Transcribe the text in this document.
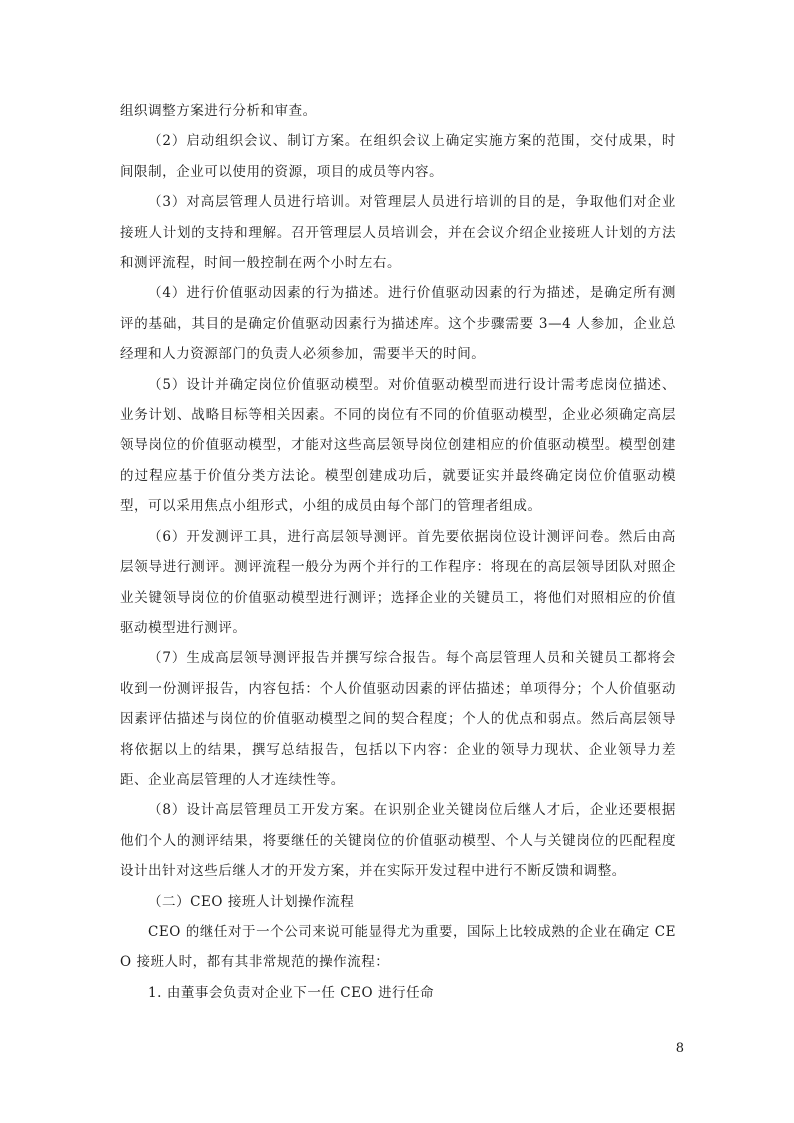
组织调整方案进行分析和审查。

（2）启动组织会议、制订方案。在组织会议上确定实施方案的范围，交付成果，时间限制，企业可以使用的资源，项目的成员等内容。

（3）对高层管理人员进行培训。对管理层人员进行培训的目的是，争取他们对企业接班人计划的支持和理解。召开管理层人员培训会，并在会议介绍企业接班人计划的方法和测评流程，时间一般控制在两个小时左右。

（4）进行价值驱动因素的行为描述。进行价值驱动因素的行为描述，是确定所有测评的基础，其目的是确定价值驱动因素行为描述库。这个步骤需要 3—4 人参加，企业总经理和人力资源部门的负责人必须参加，需要半天的时间。

（5）设计并确定岗位价值驱动模型。对价值驱动模型而进行设计需考虑岗位描述、业务计划、战略目标等相关因素。不同的岗位有不同的价值驱动模型，企业必须确定高层领导岗位的价值驱动模型，才能对这些高层领导岗位创建相应的价值驱动模型。模型创建的过程应基于价值分类方法论。模型创建成功后，就要证实并最终确定岗位价值驱动模型，可以采用焦点小组形式，小组的成员由每个部门的管理者组成。

（6）开发测评工具，进行高层领导测评。首先要依据岗位设计测评问卷。然后由高层领导进行测评。测评流程一般分为两个并行的工作程序：将现在的高层领导团队对照企业关键领导岗位的价值驱动模型进行测评；选择企业的关键员工，将他们对照相应的价值驱动模型进行测评。

（7）生成高层领导测评报告并撰写综合报告。每个高层管理人员和关键员工都将会收到一份测评报告，内容包括：个人价值驱动因素的评估描述；单项得分；个人价值驱动因素评估描述与岗位的价值驱动模型之间的契合程度；个人的优点和弱点。然后高层领导将依据以上的结果，撰写总结报告，包括以下内容：企业的领导力现状、企业领导力差距、企业高层管理的人才连续性等。

（8）设计高层管理员工开发方案。在识别企业关键岗位后继人才后，企业还要根据他们个人的测评结果，将要继任的关键岗位的价值驱动模型、个人与关键岗位的匹配程度设计出针对这些后继人才的开发方案，并在实际开发过程中进行不断反馈和调整。

（二）CEO 接班人计划操作流程

CEO 的继任对于一个公司来说可能显得尤为重要，国际上比较成熟的企业在确定 CEO 接班人时，都有其非常规范的操作流程：

1. 由董事会负责对企业下一任 CEO 进行任命

8
